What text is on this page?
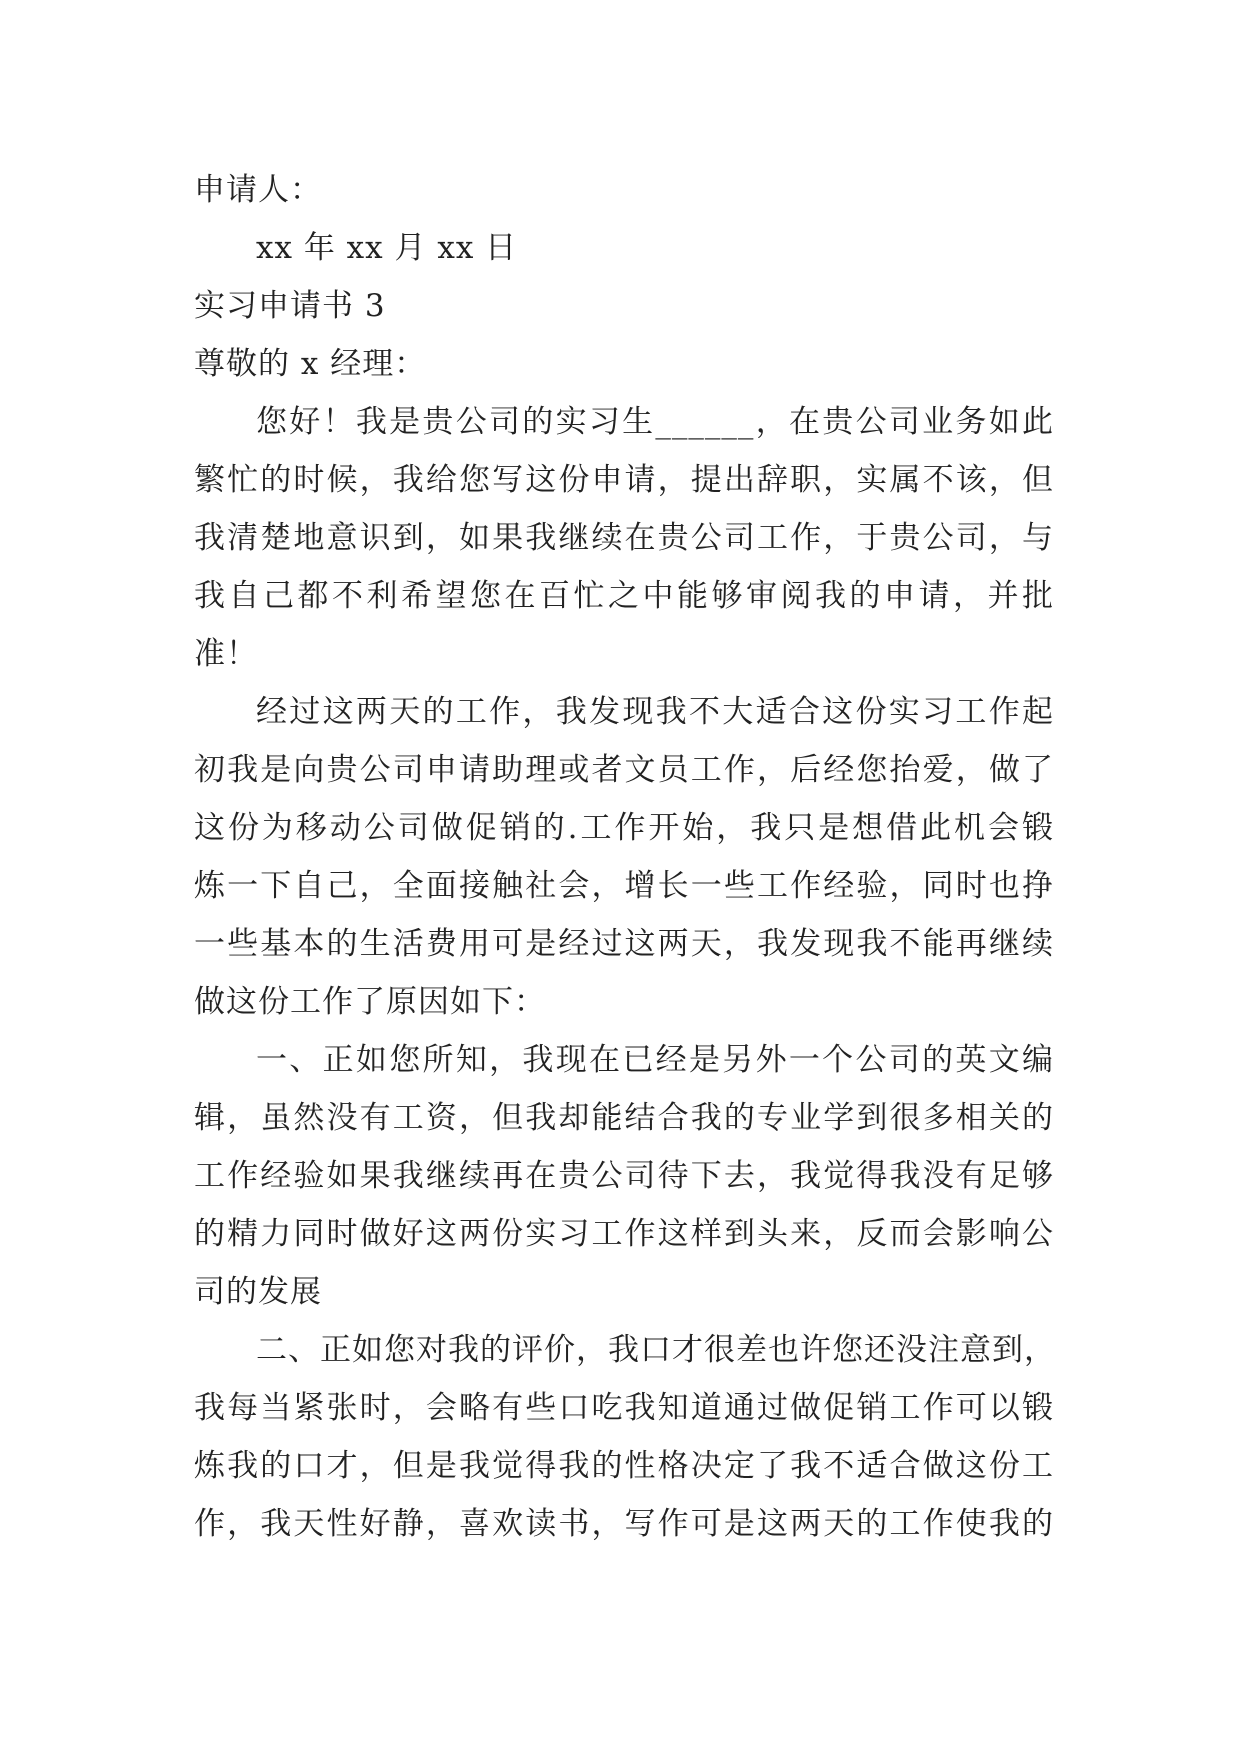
申请人：
xx 年 xx 月 xx 日
实习申请书 3
尊敬的 x 经理：
您好！我是贵公司的实习生______，在贵公司业务如此
繁忙的时候，我给您写这份申请，提出辞职，实属不该，但
我清楚地意识到，如果我继续在贵公司工作，于贵公司，与
我自己都不利希望您在百忙之中能够审阅我的申请，并批
准！
经过这两天的工作，我发现我不大适合这份实习工作起
初我是向贵公司申请助理或者文员工作，后经您抬爱，做了
这份为移动公司做促销的.工作开始，我只是想借此机会锻
炼一下自己，全面接触社会，增长一些工作经验，同时也挣
一些基本的生活费用可是经过这两天，我发现我不能再继续
做这份工作了原因如下：
一、正如您所知，我现在已经是另外一个公司的英文编
辑，虽然没有工资，但我却能结合我的专业学到很多相关的
工作经验如果我继续再在贵公司待下去，我觉得我没有足够
的精力同时做好这两份实习工作这样到头来，反而会影响公
司的发展
二、正如您对我的评价，我口才很差也许您还没注意到，
我每当紧张时，会略有些口吃我知道通过做促销工作可以锻
炼我的口才，但是我觉得我的性格决定了我不适合做这份工
作，我天性好静，喜欢读书，写作可是这两天的工作使我的
